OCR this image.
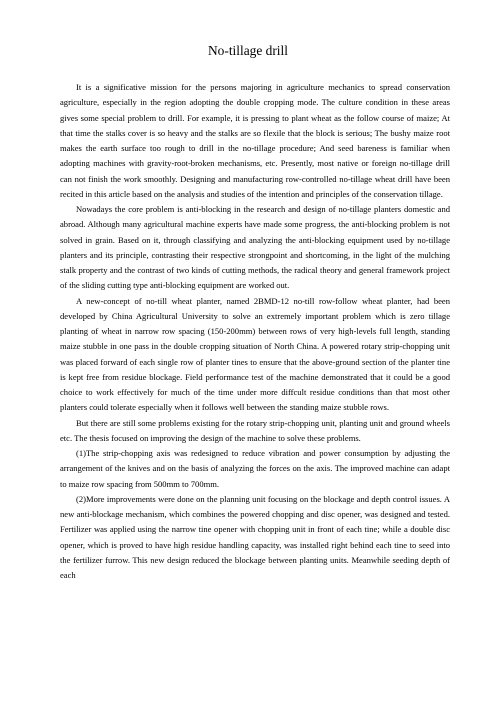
No-tillage drill

It is a significative mission for the persons majoring in agriculture mechanics to spread conservation agriculture, especially in the region adopting the double cropping mode. The culture condition in these areas gives some special problem to drill. For example, it is pressing to plant wheat as the follow course of maize; At that time the stalks cover is so heavy and the stalks are so flexile that the block is serious; The bushy maize root makes the earth surface too rough to drill in the no-tillage procedure; And seed bareness is familiar when adopting machines with gravity-root-broken mechanisms, etc. Presently, most native or foreign no-tillage drill can not finish the work smoothly. Designing and manufacturing row-controlled no-tillage wheat drill have been recited in this article based on the analysis and studies of the intention and principles of the conservation tillage.

Nowadays the core problem is anti-blocking in the research and design of no-tillage planters domestic and abroad. Although many agricultural machine experts have made some progress, the anti-blocking problem is not solved in grain. Based on it, through classifying and analyzing the anti-blocking equipment used by no-tillage planters and its principle, contrasting their respective strongpoint and shortcoming, in the light of the mulching stalk property and the contrast of two kinds of cutting methods, the radical theory and general framework project of the sliding cutting type anti-blocking equipment are worked out.

A new-concept of no-till wheat planter, named 2BMD-12 no-till row-follow wheat planter, had been developed by China Agricultural University to solve an extremely important problem which is zero tillage planting of wheat in narrow row spacing (150-200mm) between rows of very high-levels full length, standing maize stubble in one pass in the double cropping situation of North China. A powered rotary strip-chopping unit was placed forward of each single row of planter tines to ensure that the above-ground section of the planter tine is kept free from residue blockage. Field performance test of the machine demonstrated that it could be a good choice to work effectively for much of the time under more diffcult residue conditions than that most other planters could tolerate especially when it follows well between the standing maize stubble rows.

But there are still some problems existing for the rotary strip-chopping unit, planting unit and ground wheels etc. The thesis focused on improving the design of the machine to solve these problems.

(1)The strip-chopping axis was redesigned to reduce vibration and power consumption by adjusting the arrangement of the knives and on the basis of analyzing the forces on the axis. The improved machine can adapt to maize row spacing from 500mm to 700mm.

(2)More improvements were done on the planning unit focusing on the blockage and depth control issues. A new anti-blockage mechanism, which combines the powered chopping and disc opener, was designed and tested. Fertilizer was applied using the narrow tine opener with chopping unit in front of each tine; while a double disc opener, which is proved to have high residue handling capacity, was installed right behind each tine to seed into the fertilizer furrow. This new design reduced the blockage between planting units. Meanwhile seeding depth of each
